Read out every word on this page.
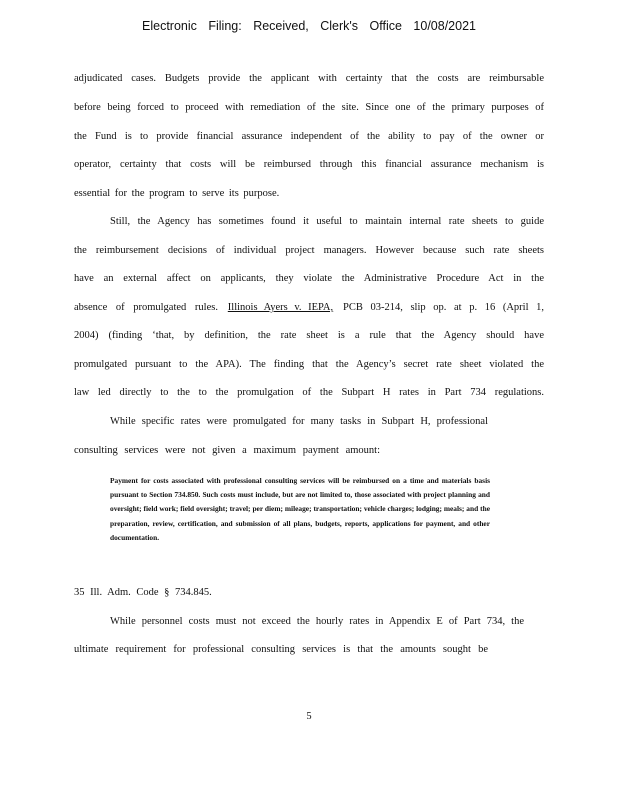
Electronic Filing: Received, Clerk's Office 10/08/2021
adjudicated cases. Budgets provide the applicant with certainty that the costs are reimbursable
before being forced to proceed with remediation of the site. Since one of the primary purposes of
the Fund is to provide financial assurance independent of the ability to pay of the owner or
operator, certainty that costs will be reimbursed through this financial assurance mechanism is
essential for the program to serve its purpose.
Still, the Agency has sometimes found it useful to maintain internal rate sheets to guide
the reimbursement decisions of individual project managers. However because such rate sheets
have an external affect on applicants, they violate the Administrative Procedure Act in the
absence of promulgated rules. Illinois Ayers v. IEPA, PCB 03-214, slip op. at p. 16 (April 1,
2004) (finding ‘that, by definition, the rate sheet is a rule that the Agency should have
promulgated pursuant to the APA). The finding that the Agency’s secret rate sheet violated the
law led directly to the to the promulgation of the Subpart H rates in Part 734 regulations.
While specific rates were promulgated for many tasks in Subpart H, professional
consulting services were not given a maximum payment amount:
Payment for costs associated with professional consulting services will be reimbursed on a time and materials basis pursuant to Section 734.850. Such costs must include, but are not limited to, those associated with project planning and oversight; field work; field oversight; travel; per diem; mileage; transportation; vehicle charges; lodging; meals; and the preparation, review, certification, and submission of all plans, budgets, reports, applications for payment, and other documentation.
35 Ill. Adm. Code § 734.845.
While personnel costs must not exceed the hourly rates in Appendix E of Part 734, the
ultimate requirement for professional consulting services is that the amounts sought be
5
